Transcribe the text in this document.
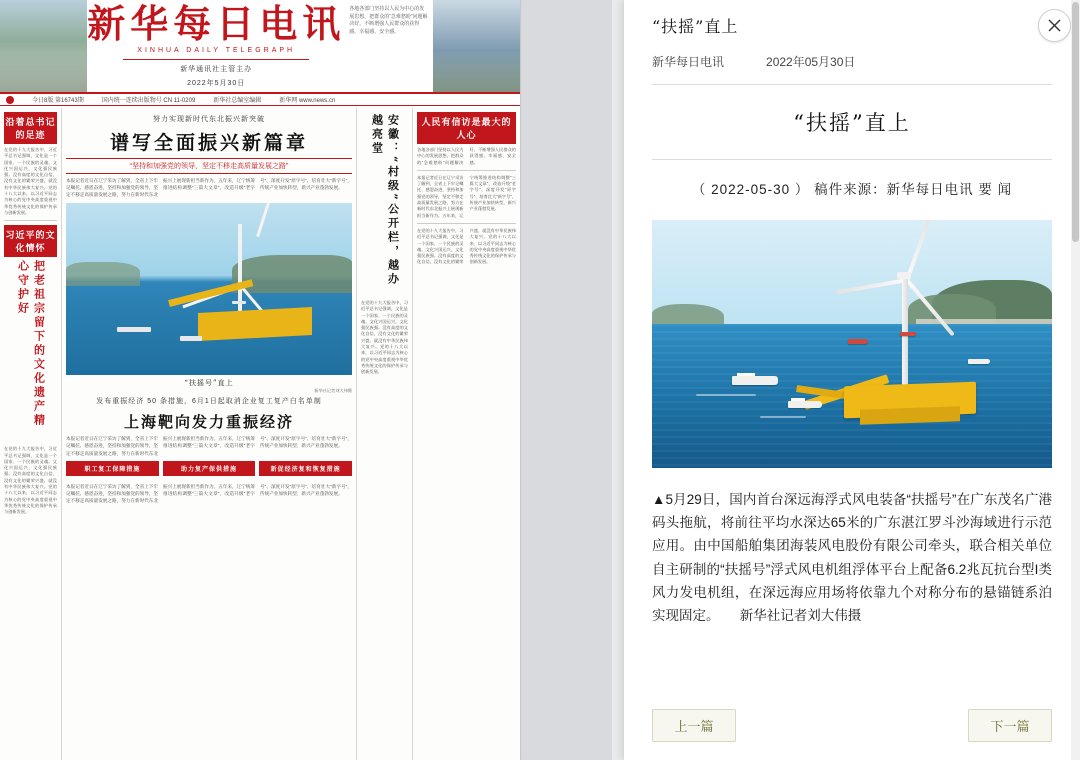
新华每日电讯
XINHUA DAILY TELEGRAPH
新华通讯社主管主办
2022年5月30日
各地各部门坚持以人民为中心的发展思想，把群众的“急难愁盼”问题解决好，不断增强人民群众的获得感、幸福感、安全感。
今日8版 第16743期	国内统一连续出版物号 CN 11-0209	新华社总编室编辑	新华网 www.news.cn
沿着总书记的足迹
在党的十九大报告中，习近平总书记强调，文化是一个国家、一个民族的灵魂。文化兴国运兴，文化强民族强。没有高度的文化自信，没有文化的繁荣兴盛，就没有中华民族伟大复兴。党的十八大以来，以习近平同志为核心的党中央高度重视中华优秀传统文化的保护传承与创新发展。
习近平的文化情怀
把老祖宗留下的文化遗产精心守护好
在党的十九大报告中，习近平总书记强调，文化是一个国家、一个民族的灵魂。文化兴国运兴，文化强民族强。没有高度的文化自信，没有文化的繁荣兴盛，就没有中华民族伟大复兴。党的十八大以来，以习近平同志为核心的党中央高度重视中华优秀传统文化的保护传承与创新发展。
努力实现新时代东北振兴新突破
谱写全面振兴新篇章
“坚持和加强党的领导，坚定不移走高质量发展之路”
本报记者近日在辽宁采访了解到，全省上下牢记嘱托、感恩奋进，坚持和加强党的领导，坚定不移走高质量发展之路，努力在新时代东北振兴上展现新担当新作为。五年来，辽宁统筹推进结构调整“三篇大文章”，改造升级“老字号”、深度开发“原字号”、培育壮大“新字号”，传统产业加快转型，新兴产业蓬勃发展。
“扶摇号”直上
新华社记者刘大伟摄
发布重振经济 50 条措施，6月1日起取消企业复工复产白名单制
上海靶向发力重振经济
本报记者近日在辽宁采访了解到，全省上下牢记嘱托、感恩奋进，坚持和加强党的领导，坚定不移走高质量发展之路，努力在新时代东北振兴上展现新担当新作为。五年来，辽宁统筹推进结构调整“三篇大文章”，改造升级“老字号”、深度开发“原字号”、培育壮大“新字号”，传统产业加快转型，新兴产业蓬勃发展。
职工复工保障措施	助力复产保供措施	新促经济复和恢复措施
本报记者近日在辽宁采访了解到，全省上下牢记嘱托、感恩奋进，坚持和加强党的领导，坚定不移走高质量发展之路，努力在新时代东北振兴上展现新担当新作为。五年来，辽宁统筹推进结构调整“三篇大文章”，改造升级“老字号”、深度开发“原字号”、培育壮大“新字号”，传统产业加快转型，新兴产业蓬勃发展。
安徽：“村级”公开栏，越办越亮堂
在党的十九大报告中，习近平总书记强调，文化是一个国家、一个民族的灵魂。文化兴国运兴，文化强民族强。没有高度的文化自信，没有文化的繁荣兴盛，就没有中华民族伟大复兴。党的十八大以来，以习近平同志为核心的党中央高度重视中华优秀传统文化的保护传承与创新发展。
人民有信访是最大的人心
各地各部门坚持以人民为中心的发展思想，把群众的“急难愁盼”问题解决好，不断增强人民群众的获得感、幸福感、安全感。
本报记者近日在辽宁采访了解到，全省上下牢记嘱托、感恩奋进，坚持和加强党的领导，坚定不移走高质量发展之路，努力在新时代东北振兴上展现新担当新作为。五年来，辽宁统筹推进结构调整“三篇大文章”，改造升级“老字号”、深度开发“原字号”、培育壮大“新字号”，传统产业加快转型，新兴产业蓬勃发展。
在党的十九大报告中，习近平总书记强调，文化是一个国家、一个民族的灵魂。文化兴国运兴，文化强民族强。没有高度的文化自信，没有文化的繁荣兴盛，就没有中华民族伟大复兴。党的十八大以来，以习近平同志为核心的党中央高度重视中华优秀传统文化的保护传承与创新发展。
“扶摇”直上
新华每日电讯	2022年05月30日
“扶摇”直上
（ 2022-05-30 ） 稿件来源：新华每日电讯 要 闻
▲5月29日，国内首台深远海浮式风电装备“扶摇号”在广东茂名广港码头拖航，将前往平均水深达65米的广东湛江罗斗沙海域进行示范应用。由中国船舶集团海装风电股份有限公司牵头，联合相关单位自主研制的“扶摇号”浮式风电机组浮体平台上配备6.2兆瓦抗台型I类风力发电机组，在深远海应用场将依靠九个对称分布的悬锚链系泊实现固定。　　新华社记者刘大伟摄
上一篇	下一篇
